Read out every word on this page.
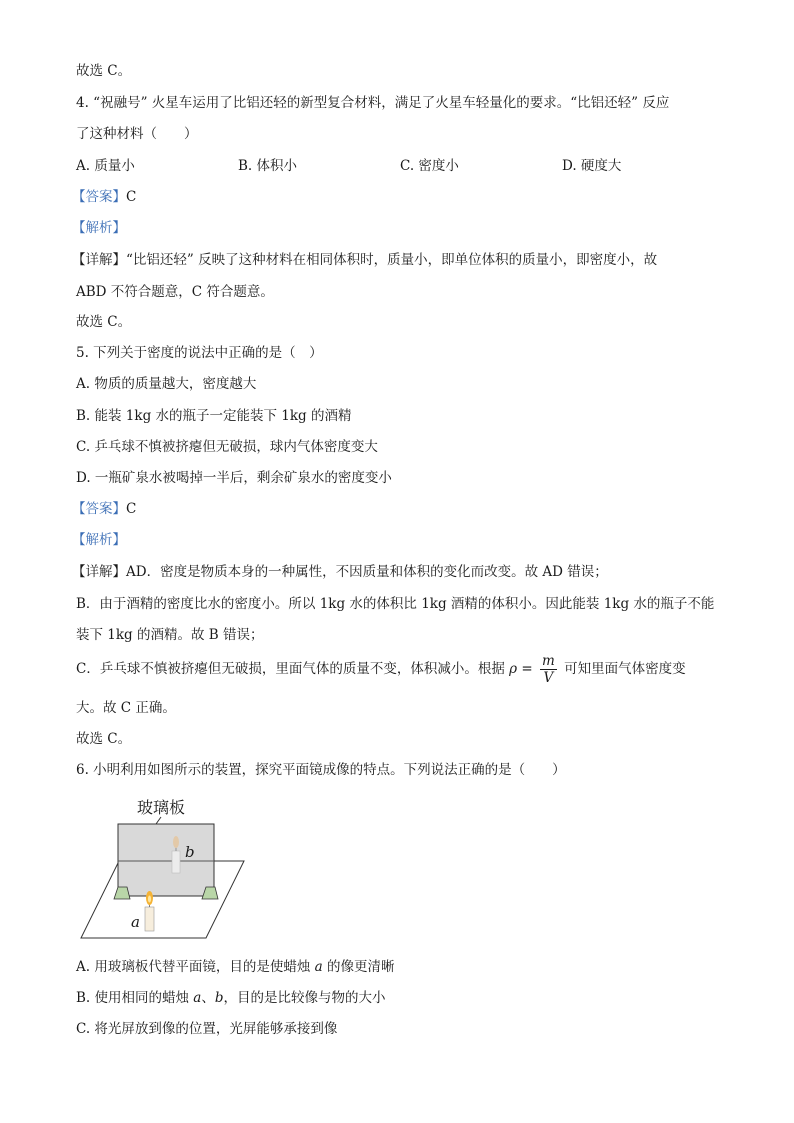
故选 C。
4. “祝融号” 火星车运用了比铝还轻的新型复合材料，满足了火星车轻量化的要求。“比铝还轻” 反应
了这种材料（　　）
A. 质量小	B. 体积小	C. 密度小	D. 硬度大
【答案】C
【解析】
【详解】“比铝还轻” 反映了这种材料在相同体积时，质量小，即单位体积的质量小，即密度小，故
ABD 不符合题意，C 符合题意。
故选 C。
5. 下列关于密度的说法中正确的是（　）
A. 物质的质量越大，密度越大
B. 能装 1kg 水的瓶子一定能装下 1kg 的酒精
C. 乒乓球不慎被挤瘪但无破损，球内气体密度变大
D. 一瓶矿泉水被喝掉一半后，剩余矿泉水的密度变小
【答案】C
【解析】
【详解】AD．密度是物质本身的一种属性，不因质量和体积的变化而改变。故 AD 错误；
B．由于酒精的密度比水的密度小。所以 1kg 水的体积比 1kg 酒精的体积小。因此能装 1kg 水的瓶子不能
装下 1kg 的酒精。故 B 错误；
C．乒乓球不慎被挤瘪但无破损，里面气体的质量不变，体积减小。根据 $\rho = \frac{m}{V}$ 可知里面气体密度变
大。故 C 正确。
故选 C。
6. 小明利用如图所示的装置，探究平面镜成像的特点。下列说法正确的是（　　）
玻璃板
b
a
A. 用玻璃板代替平面镜，目的是使蜡烛 a 的像更清晰
B. 使用相同的蜡烛 a、b，目的是比较像与物的大小
C. 将光屏放到像的位置，光屏能够承接到像
